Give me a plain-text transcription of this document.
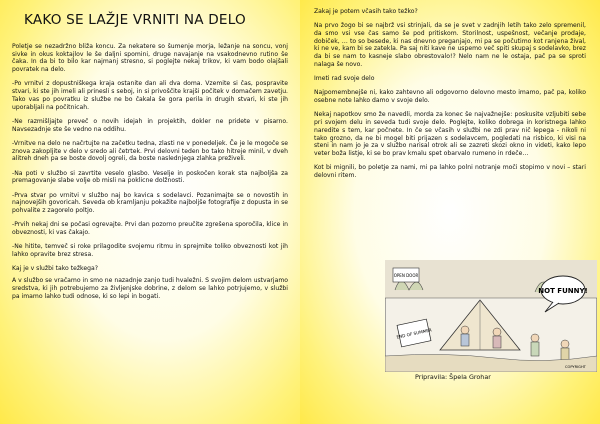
KAKO SE LAŽJE VRNITI NA DELO

Poletje se nezadržno bliža koncu. Za nekatere so šumenje morja, ležanje na soncu, vonj sivke in okus koktajlov le še daljni spomini, druge navajanje na vsakodnevno rutino še čaka. In da bi to bilo kar najmanj stresno, si poglejte nekaj trikov, ki vam bodo olajšali povratek na delo.

-Po vrnitvi z dopustniškega kraja ostanite dan ali dva doma. Vzemite si čas, pospravite stvari, ki ste jih imeli ali prinesli s seboj, in si privoščite krajši počitek v domačem zavetju. Tako vas po povratku iz službe ne bo čakala še gora perila in drugih stvari, ki ste jih uporabljali na počitnicah.

-Ne razmišljajte preveč o novih idejah in projektih, dokler ne pridete v pisarno. Navsezadnje ste še vedno na oddihu.

-Vrnitve na delo ne načrtujte na začetku tedna, zlasti ne v ponedeljek. Če je le mogoče se znova zakopljite v delo v sredo ali četrtek. Prvi delovni teden bo tako hitreje minil, v dveh alitreh dneh pa se boste dovolj ogreli, da boste naslednjega zlahka preživeli.

-Na poti v službo si zavrtite veselo glasbo. Veselje in poskočen korak sta najboljša za premagovanje slabe volje ob misli na poklicne dolžnosti.

-Prva stvar po vrnitvi v službo naj bo kavica s sodelavci. Pozanimajte se o novostih in najnovejših govoricah. Seveda ob kramljanju pokažite najboljše fotografije z dopusta in se pohvalite z zagorelo poltjo.

-Prvih nekaj dni se počasi ogrevajte. Prvi dan pozorno preučite zgrešena sporočila, klice in obveznosti, ki vas čakajo.

-Ne hitite, temveč si roke prilagodite svojemu ritmu in sprejmite toliko obveznosti kot jih lahko opravite brez stresa.

Kaj je v službi tako težkega?

A v službo se vračamo in smo ne nazadnje zanjo tudi hvaležni. S svojim delom ustvarjamo sredstva, ki jih potrebujemo za življenjske dobrine, z delom se lahko potrjujemo, v službi pa imamo lahko tudi odnose, ki so lepi in bogati.

Zakaj je potem včasih tako težko?

Na prvo žogo bi se najbrž vsi strinjali, da se je svet v zadnjih letih tako zelo spremenil, da smo vsi vse čas samo še pod pritiskom. Storilnost, uspešnost, večanje prodaje, dobiček, … to so besede, ki nas dnevno preganjajo, mi pa se počutimo kot ranjena žival, ki ne ve, kam bi se zatekla. Pa saj niti kave ne uspemo več spiti skupaj s sodelavko, brez da bi se nam to kasneje slabo obrestovalo!? Nelo nam ne le ostaja, pač pa se sproti nalaga še novo.

Imeti rad svoje delo

Najpomembnejše ni, kako zahtevno ali odgovorno delovno mesto imamo, pač pa, koliko osebne note lahko damo v svoje delo.

Nekaj napotkov smo že navedli, morda za konec še najvažnejše: poskusite vzljubiti sebe pri svojem delu in seveda tudi svoje delo. Poglejte, koliko dobrega in koristnega lahko naredite s tem, kar počnete. In če se včasih v službi ne zdi prav nič lepega - nikoli ni tako grozno, da ne bi mogel biti prijazen s sodelavcem, pogledati na risbico, ki visi na steni in nam jo je za v službo narisal otrok ali se zazreti skozi okno in videti, kako lepo veter boža listje, ki se bo prav kmalu spet obarvalo rumeno in rdeče…

Kot bi mignili, bo poletje za nami, mi pa lahko polni notranje moči stopimo v novi – stari delovni ritem.

OPEN DOOR
NOT FUNNY!
END OF SUMMER
COPYRIGHT
Pripravila: Špela Grohar
